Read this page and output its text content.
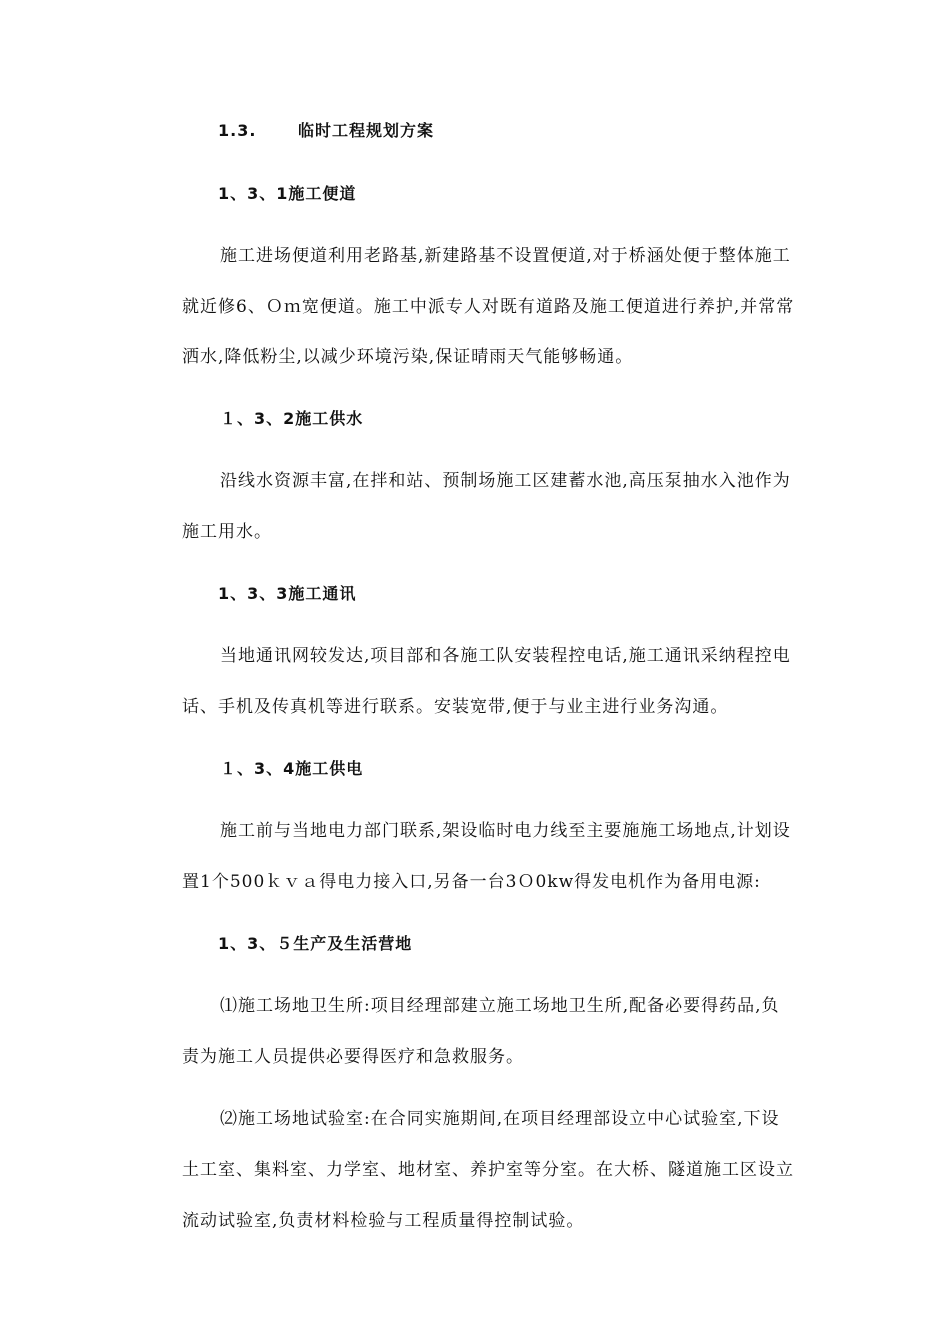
1.3.	临时工程规划方案
1、3、1施工便道
施工进场便道利用老路基,新建路基不设置便道,对于桥涵处便于整体施工
就近修6、Ｏｍ宽便道。施工中派专人对既有道路及施工便道进行养护,并常常
洒水,降低粉尘,以减少环境污染,保证晴雨天气能够畅通。
１、3、2施工供水
沿线水资源丰富,在拌和站、预制场施工区建蓄水池,高压泵抽水入池作为
施工用水。
1、3、3施工通讯
当地通讯网较发达,项目部和各施工队安装程控电话,施工通讯采纳程控电
话、手机及传真机等进行联系。安装宽带,便于与业主进行业务沟通。
１、3、4施工供电
施工前与当地电力部门联系,架设临时电力线至主要施施工场地点,计划设
置1个500ｋｖａ得电力接入口,另备一台3Ｏ0kw得发电机作为备用电源:
1、3、５生产及生活营地
⑴施工场地卫生所:项目经理部建立施工场地卫生所,配备必要得药品,负
责为施工人员提供必要得医疗和急救服务。
⑵施工场地试验室:在合同实施期间,在项目经理部设立中心试验室,下设
土工室、集料室、力学室、地材室、养护室等分室。在大桥、隧道施工区设立
流动试验室,负责材料检验与工程质量得控制试验。
